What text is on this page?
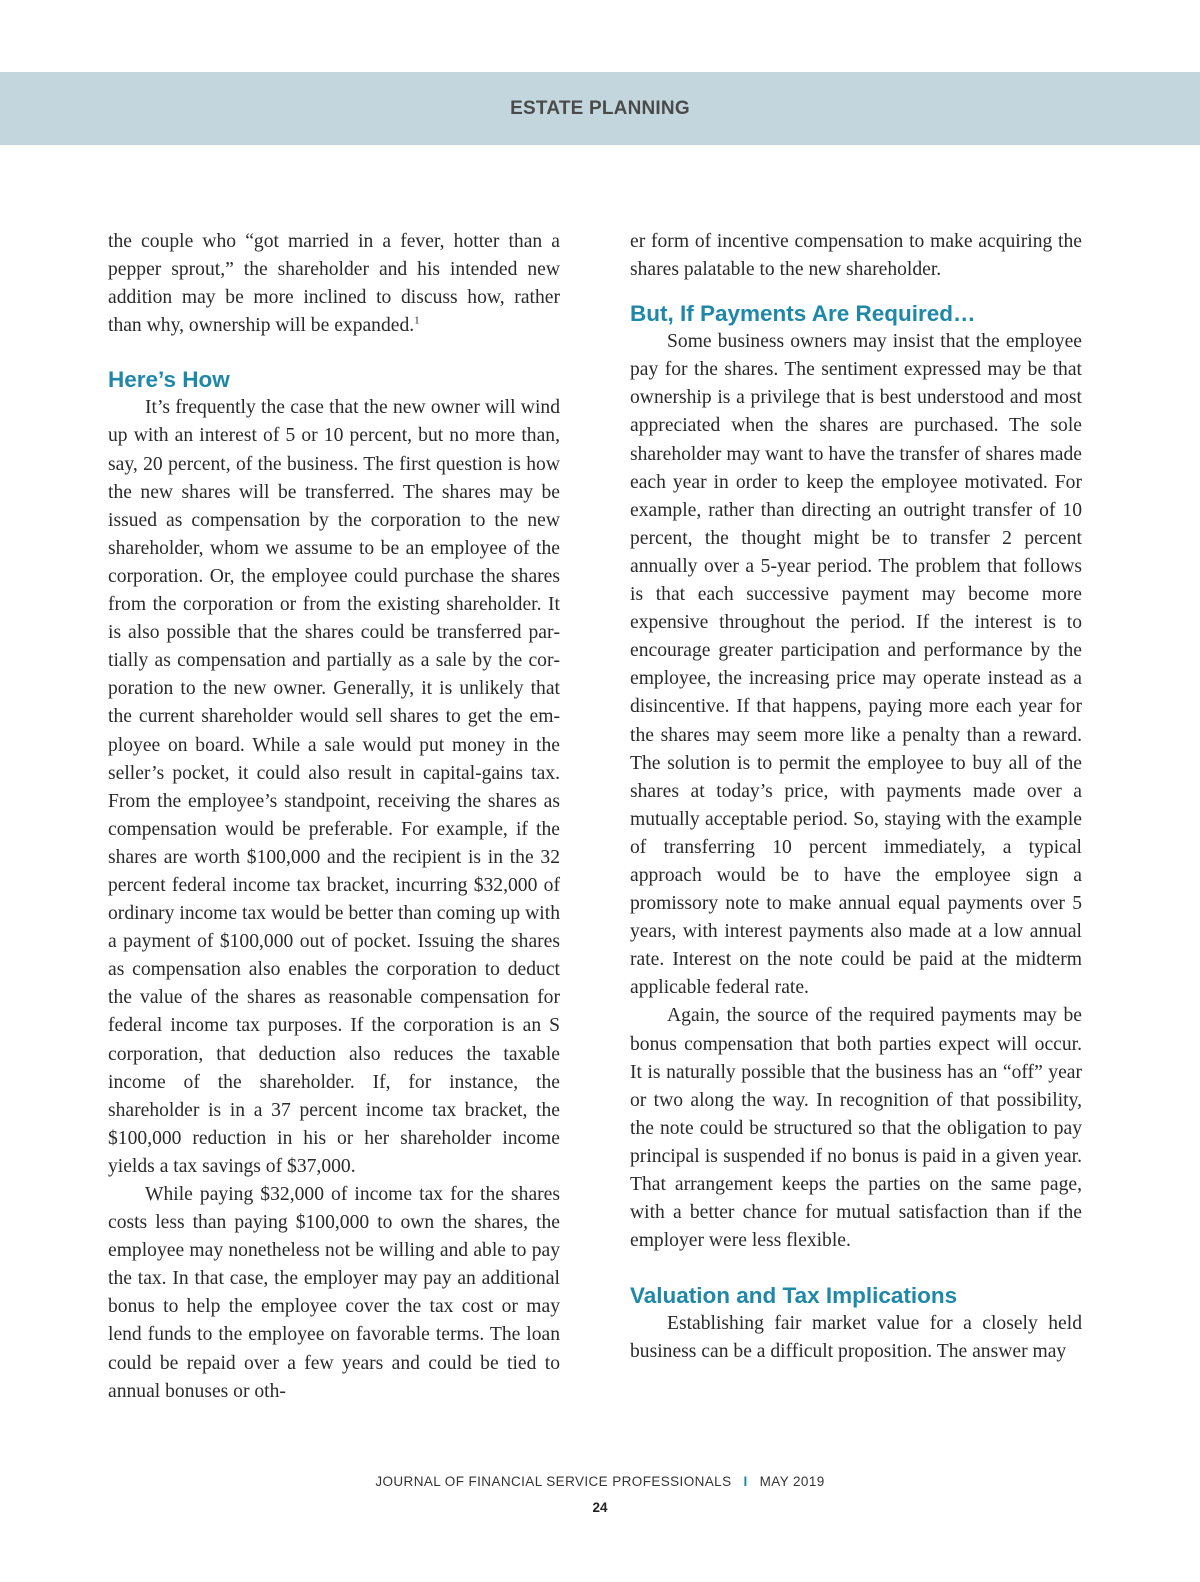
ESTATE PLANNING

the couple who “got married in a fever, hotter than a pepper sprout,” the shareholder and his intended new addition may be more inclined to discuss how, rather than why, ownership will be expanded.$^1$

Here’s How

It’s frequently the case that the new owner will wind up with an interest of 5 or 10 percent, but no more than, say, 20 percent, of the business. The first question is how the new shares will be transferred. The shares may be issued as compensation by the corporation to the new shareholder, whom we assume to be an employee of the corporation. Or, the employee could purchase the shares from the corporation or from the existing shareholder. It is also possible that the shares could be transferred partially as compensation and partially as a sale by the corporation to the new owner. Generally, it is unlikely that the current shareholder would sell shares to get the employee on board. While a sale would put money in the seller’s pocket, it could also result in capital-gains tax. From the employee’s standpoint, receiving the shares as compensation would be preferable. For example, if the shares are worth $100,000 and the recipient is in the 32 percent federal income tax bracket, incurring $32,000 of ordinary income tax would be better than coming up with a payment of $100,000 out of pocket. Issuing the shares as compensation also enables the corporation to deduct the value of the shares as reasonable compensation for federal income tax purposes. If the corporation is an S corporation, that deduction also reduces the taxable income of the shareholder. If, for instance, the shareholder is in a 37 percent income tax bracket, the $100,000 reduction in his or her shareholder income yields a tax savings of $37,000.

While paying $32,000 of income tax for the shares costs less than paying $100,000 to own the shares, the employee may nonetheless not be willing and able to pay the tax. In that case, the employer may pay an additional bonus to help the employee cover the tax cost or may lend funds to the employee on favorable terms. The loan could be repaid over a few years and could be tied to annual bonuses or oth-

er form of incentive compensation to make acquiring the shares palatable to the new shareholder.

But, If Payments Are Required…

Some business owners may insist that the employee pay for the shares. The sentiment expressed may be that ownership is a privilege that is best understood and most appreciated when the shares are purchased. The sole shareholder may want to have the transfer of shares made each year in order to keep the employee motivated. For example, rather than directing an outright transfer of 10 percent, the thought might be to transfer 2 percent annually over a 5-year period. The problem that follows is that each successive payment may become more expensive throughout the period. If the interest is to encourage greater participation and performance by the employee, the increasing price may operate instead as a disincentive. If that happens, paying more each year for the shares may seem more like a penalty than a reward. The solution is to permit the employee to buy all of the shares at today’s price, with payments made over a mutually acceptable period. So, staying with the example of transferring 10 percent immediately, a typical approach would be to have the employee sign a promissory note to make annual equal payments over 5 years, with interest payments also made at a low annual rate. Interest on the note could be paid at the midterm applicable federal rate.

Again, the source of the required payments may be bonus compensation that both parties expect will occur. It is naturally possible that the business has an “off” year or two along the way. In recognition of that possibility, the note could be structured so that the obligation to pay principal is suspended if no bonus is paid in a given year. That arrangement keeps the parties on the same page, with a better chance for mutual satisfaction than if the employer were less flexible.

Valuation and Tax Implications

Establishing fair market value for a closely held business can be a difficult proposition. The answer may

JOURNAL OF FINANCIAL SERVICE PROFESSIONALS I MAY 2019
24
